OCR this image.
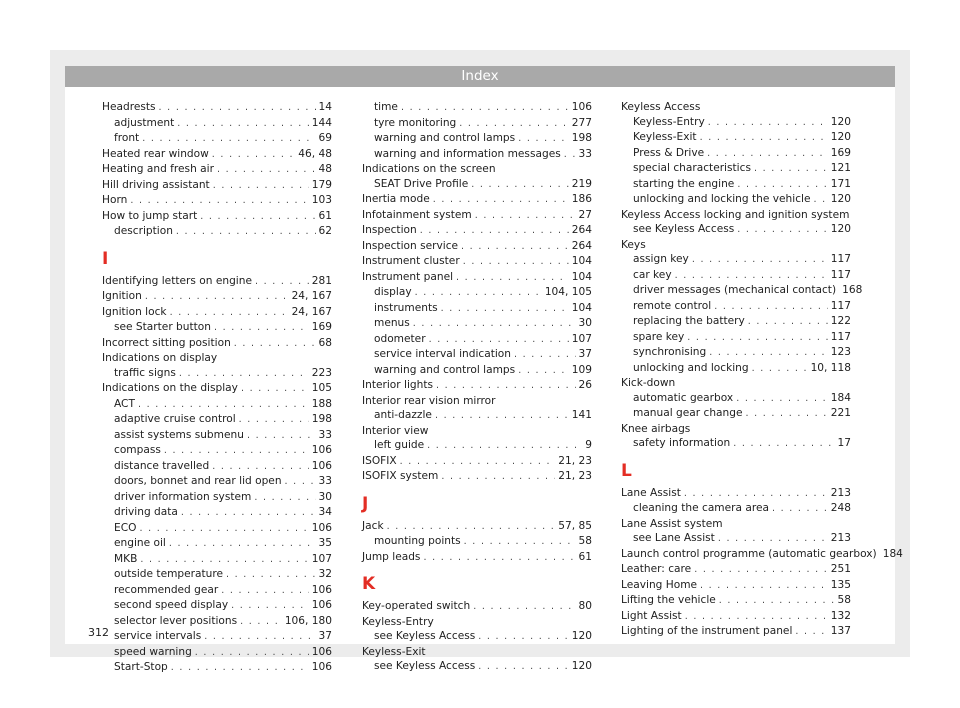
Index
Headrests . . .	14
adjustment . . .	144
front . . .	69
Heated rear window . . .	46, 48
Heating and fresh air . . .	48
Hill driving assistant . . .	179
Horn . . .	103
How to jump start . . .	61
description . . .	62
I
Identifying letters on engine . . .	281
Ignition . . .	24, 167
Ignition lock . . .	24, 167
see Starter button . . .	169
Incorrect sitting position . . .	68
Indications on display
traffic signs . . .	223
Indications on the display . . .	105
ACT . . .	188
adaptive cruise control . . .	198
assist systems submenu . . .	33
compass . . .	106
distance travelled . . .	106
doors, bonnet and rear lid open . . .	33
driver information system . . .	30
driving data . . .	34
ECO . . .	106
engine oil . . .	35
MKB . . .	107
outside temperature . . .	32
recommended gear . . .	106
second speed display . . .	106
selector lever positions . . .	106, 180
service intervals . . .	37
speed warning . . .	106
Start-Stop . . .	106
time . . .	106
tyre monitoring . . .	277
warning and control lamps . . .	198
warning and information messages . . . 33
Indications on the screen
SEAT Drive Profile . . .	219
Inertia mode . . .	186
Infotainment system . . .	27
Inspection . . .	264
Inspection service . . .	264
Instrument cluster . . .	104
Instrument panel . . .	104
display . . .	104, 105
instruments . . .	104
menus . . .	30
odometer . . .	107
service interval indication . . .	37
warning and control lamps . . .	109
Interior lights . . .	26
Interior rear vision mirror
anti-dazzle . . .	141
Interior view
left guide . . .	9
ISOFIX . . .	21, 23
ISOFIX system . . .	21, 23
J
Jack . . .	57, 85
mounting points . . .	58
Jump leads . . .	61
K
Key-operated switch . . .	80
Keyless-Entry
see Keyless Access . . .	120
Keyless-Exit
see Keyless Access . . .	120
Keyless Access
Keyless-Entry . . .	120
Keyless-Exit . . .	120
Press & Drive . . .	169
special characteristics . . .	121
starting the engine . . .	171
unlocking and locking the vehicle . . . 120
Keyless Access locking and ignition system
see Keyless Access . . .	120
Keys
assign key . . .	117
car key . . .	117
driver messages (mechanical contact) 168
remote control . . .	117
replacing the battery . . .	122
spare key . . .	117
synchronising . . .	123
unlocking and locking . . .	10, 118
Kick-down
automatic gearbox . . .	184
manual gear change . . .	221
Knee airbags
safety information . . .	17
L
Lane Assist . . .	213
cleaning the camera area . . .	248
Lane Assist system
see Lane Assist . . .	213
Launch control programme (automatic gearbox) 184
Leather: care . . .	251
Leaving Home . . .	135
Lifting the vehicle . . .	58
Light Assist . . .	132
Lighting of the instrument panel . . .	137
312
